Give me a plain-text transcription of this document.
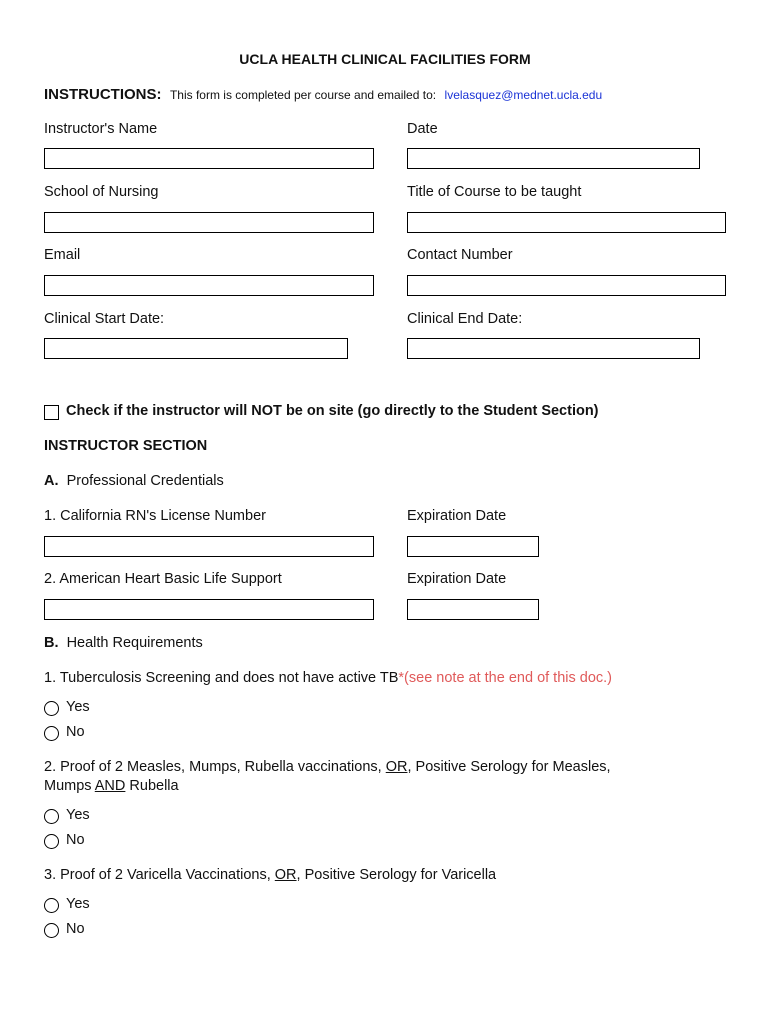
UCLA HEALTH CLINICAL FACILITIES FORM
INSTRUCTIONS: This form is completed per course and emailed to: lvelasquez@mednet.ucla.edu
Instructor's Name	Date
School of Nursing	Title of Course to be taught
Email	Contact Number
Clinical Start Date:	Clinical End Date:
Check if the instructor will NOT be on site (go directly to the Student Section)
INSTRUCTOR SECTION
A. Professional Credentials
1. California RN's License Number	Expiration Date
2. American Heart Basic Life Support	Expiration Date
B. Health Requirements
1. Tuberculosis Screening and does not have active TB*(see note at the end of this doc.)
Yes
No
2. Proof of 2 Measles, Mumps, Rubella vaccinations, OR, Positive Serology for Measles,
Mumps AND Rubella
Yes
No
3. Proof of 2 Varicella Vaccinations, OR, Positive Serology for Varicella
Yes
No
